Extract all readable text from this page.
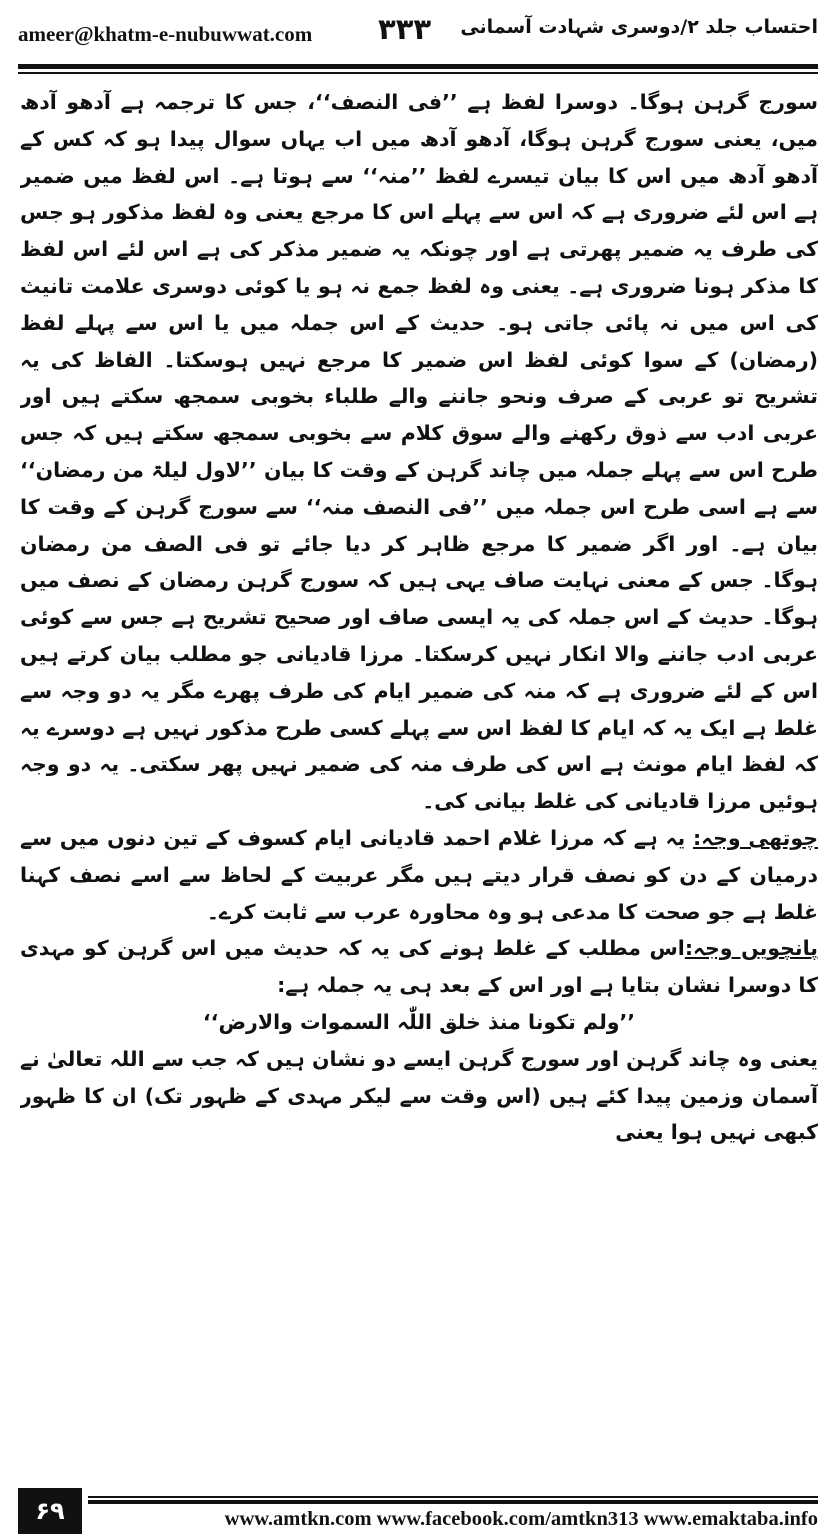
ameer@khatm-e-nubuwwat.com ۳۳۳ احتساب جلد ۲/دوسری شہادت آسمانی

سورج گرہن ہوگا۔ دوسرا لفظ ہے ’’فی النصف‘‘، جس کا ترجمہ ہے آدھو آدھ میں، یعنی سورج گرہن ہوگا، آدھو آدھ میں اب یہاں سوال پیدا ہو کہ کس کے آدھو آدھ میں اس کا بیان تیسرے لفظ ’’منہ‘‘ سے ہوتا ہے۔ اس لفظ میں ضمیر ہے اس لئے ضروری ہے کہ اس سے پہلے اس کا مرجع یعنی وہ لفظ مذکور ہو جس کی طرف یہ ضمیر پھرتی ہے اور چونکہ یہ ضمیر مذکر کی ہے اس لئے اس لفظ کا مذکر ہونا ضروری ہے۔ یعنی وہ لفظ جمع نہ ہو یا کوئی دوسری علامت تانیث کی اس میں نہ پائی جاتی ہو۔ حدیث کے اس جملہ میں یا اس سے پہلے لفظ (رمضان) کے سوا کوئی لفظ اس ضمیر کا مرجع نہیں ہوسکتا۔ الفاظ کی یہ تشریح تو عربی کے صرف ونحو جاننے والے طلباء بخوبی سمجھ سکتے ہیں اور عربی ادب سے ذوق رکھنے والے سوق کلام سے بخوبی سمجھ سکتے ہیں کہ جس طرح اس سے پہلے جملہ میں چاند گرہن کے وقت کا بیان ’’لاول لیلۃ من رمضان‘‘ سے ہے اسی طرح اس جملہ میں ’’فی النصف منہ‘‘ سے سورج گرہن کے وقت کا بیان ہے۔ اور اگر ضمیر کا مرجع ظاہر کر دیا جائے تو فی الصف من رمضان ہوگا۔ جس کے معنی نہایت صاف یہی ہیں کہ سورج گرہن رمضان کے نصف میں ہوگا۔ حدیث کے اس جملہ کی یہ ایسی صاف اور صحیح تشریح ہے جس سے کوئی عربی ادب جاننے والا انکار نہیں کرسکتا۔ مرزا قادیانی جو مطلب بیان کرتے ہیں اس کے لئے ضروری ہے کہ منہ کی ضمیر ایام کی طرف پھرے مگر یہ دو وجہ سے غلط ہے ایک یہ کہ ایام کا لفظ اس سے پہلے کسی طرح مذکور نہیں ہے دوسرے یہ کہ لفظ ایام مونث ہے اس کی طرف منہ کی ضمیر نہیں پھر سکتی۔ یہ دو وجہ ہوئیں مرزا قادیانی کی غلط بیانی کی۔

چوتھی وجہ: یہ ہے کہ مرزا غلام احمد قادیانی ایام کسوف کے تین دنوں میں سے درمیان کے دن کو نصف قرار دیتے ہیں مگر عربیت کے لحاظ سے اسے نصف کہنا غلط ہے جو صحت کا مدعی ہو وہ محاورہ عرب سے ثابت کرے۔

پانچویں وجہ:اس مطلب کے غلط ہونے کی یہ کہ حدیث میں اس گرہن کو مہدی کا دوسرا نشان بتایا ہے اور اس کے بعد ہی یہ جملہ ہے:

’’ولم تکونا منذ خلق اللّٰہ السموات والارض‘‘

یعنی وہ چاند گرہن اور سورج گرہن ایسے دو نشان ہیں کہ جب سے اللہ تعالیٰ نے آسمان وزمین پیدا کئے ہیں (اس وقت سے لیکر مہدی کے ظہور تک) ان کا ظہور کبھی نہیں ہوا یعنی

۶۹	www.amtkn.com www.facebook.com/amtkn313 www.emaktaba.info
